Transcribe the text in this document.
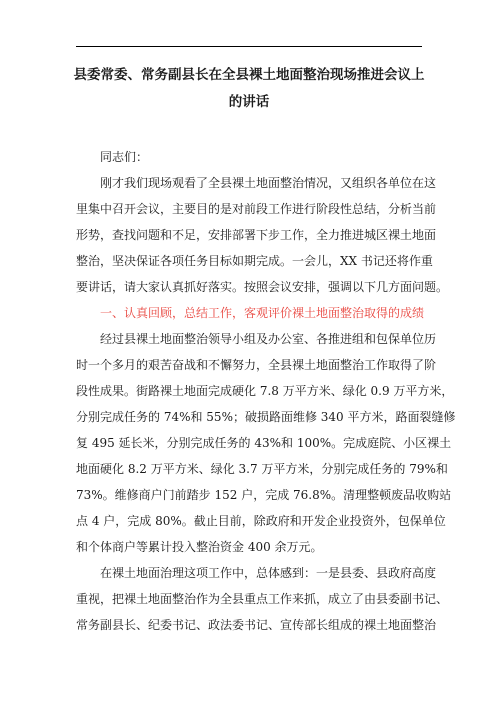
县委常委、常务副县长在全县裸土地面整治现场推进会议上
的讲话
同志们：
刚才我们现场观看了全县裸土地面整治情况，又组织各单位在这
里集中召开会议，主要目的是对前段工作进行阶段性总结，分析当前
形势，查找问题和不足，安排部署下步工作，全力推进城区裸土地面
整治，坚决保证各项任务目标如期完成。一会儿，XX 书记还将作重
要讲话，请大家认真抓好落实。按照会议安排，强调以下几方面问题。
一、认真回顾，总结工作，客观评价裸土地面整治取得的成绩
经过县裸土地面整治领导小组及办公室、各推进组和包保单位历
时一个多月的艰苦奋战和不懈努力，全县裸土地面整治工作取得了阶
段性成果。街路裸土地面完成硬化 7.8 万平方米、绿化 0.9 万平方米，
分别完成任务的 74%和 55%；破损路面维修 340 平方米，路面裂缝修
复 495 延长米，分别完成任务的 43%和 100%。完成庭院、小区裸土
地面硬化 8.2 万平方米、绿化 3.7 万平方米，分别完成任务的 79%和
73%。维修商户门前踏步 152 户，完成 76.8%。清理整顿废品收购站
点 4 户，完成 80%。截止目前，除政府和开发企业投资外，包保单位
和个体商户等累计投入整治资金 400 余万元。
在裸土地面治理这项工作中，总体感到：一是县委、县政府高度
重视，把裸土地面整治作为全县重点工作来抓，成立了由县委副书记、
常务副县长、纪委书记、政法委书记、宣传部长组成的裸土地面整治
